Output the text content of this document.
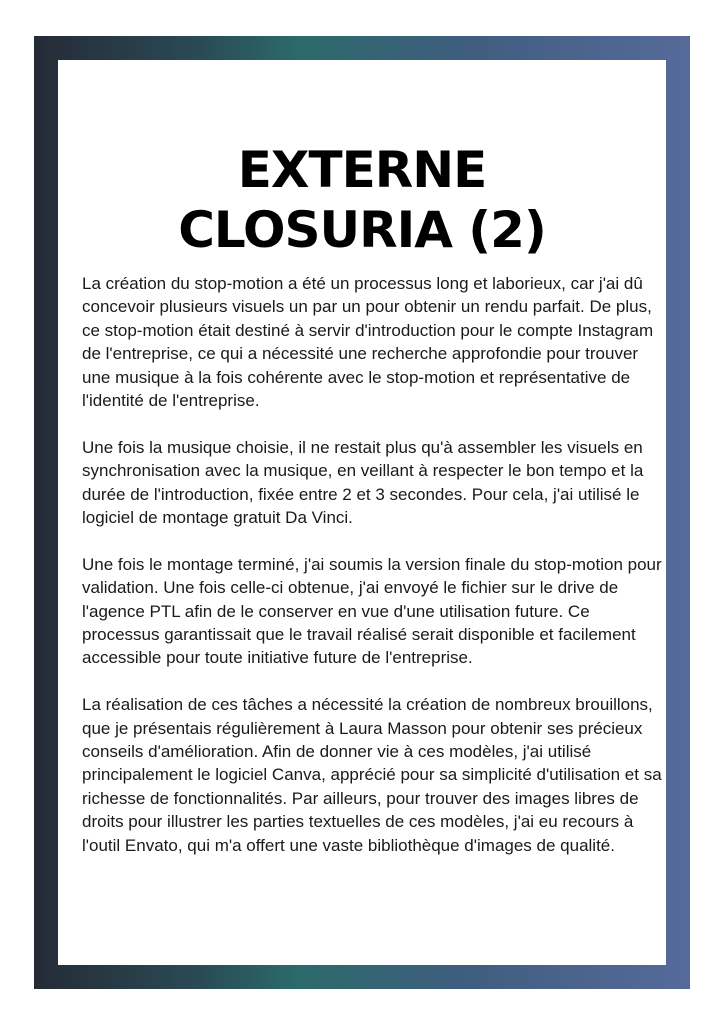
EXTERNE
CLOSURIA (2)

La création du stop-motion a été un processus long et laborieux, car j'ai dû concevoir plusieurs visuels un par un pour obtenir un rendu parfait. De plus, ce stop-motion était destiné à servir d'introduction pour le compte Instagram de l'entreprise, ce qui a nécessité une recherche approfondie pour trouver une musique à la fois cohérente avec le stop-motion et représentative de l'identité de l'entreprise.

Une fois la musique choisie, il ne restait plus qu'à assembler les visuels en synchronisation avec la musique, en veillant à respecter le bon tempo et la durée de l'introduction, fixée entre 2 et 3 secondes. Pour cela, j'ai utilisé le logiciel de montage gratuit Da Vinci.

Une fois le montage terminé, j'ai soumis la version finale du stop-motion pour validation. Une fois celle-ci obtenue, j'ai envoyé le fichier sur le drive de l'agence PTL afin de le conserver en vue d'une utilisation future. Ce processus garantissait que le travail réalisé serait disponible et facilement accessible pour toute initiative future de l'entreprise.

La réalisation de ces tâches a nécessité la création de nombreux brouillons, que je présentais régulièrement à Laura Masson pour obtenir ses précieux conseils d'amélioration. Afin de donner vie à ces modèles, j'ai utilisé principalement le logiciel Canva, apprécié pour sa simplicité d'utilisation et sa richesse de fonctionnalités. Par ailleurs, pour trouver des images libres de droits pour illustrer les parties textuelles de ces modèles, j'ai eu recours à l'outil Envato, qui m'a offert une vaste bibliothèque d'images de qualité.
